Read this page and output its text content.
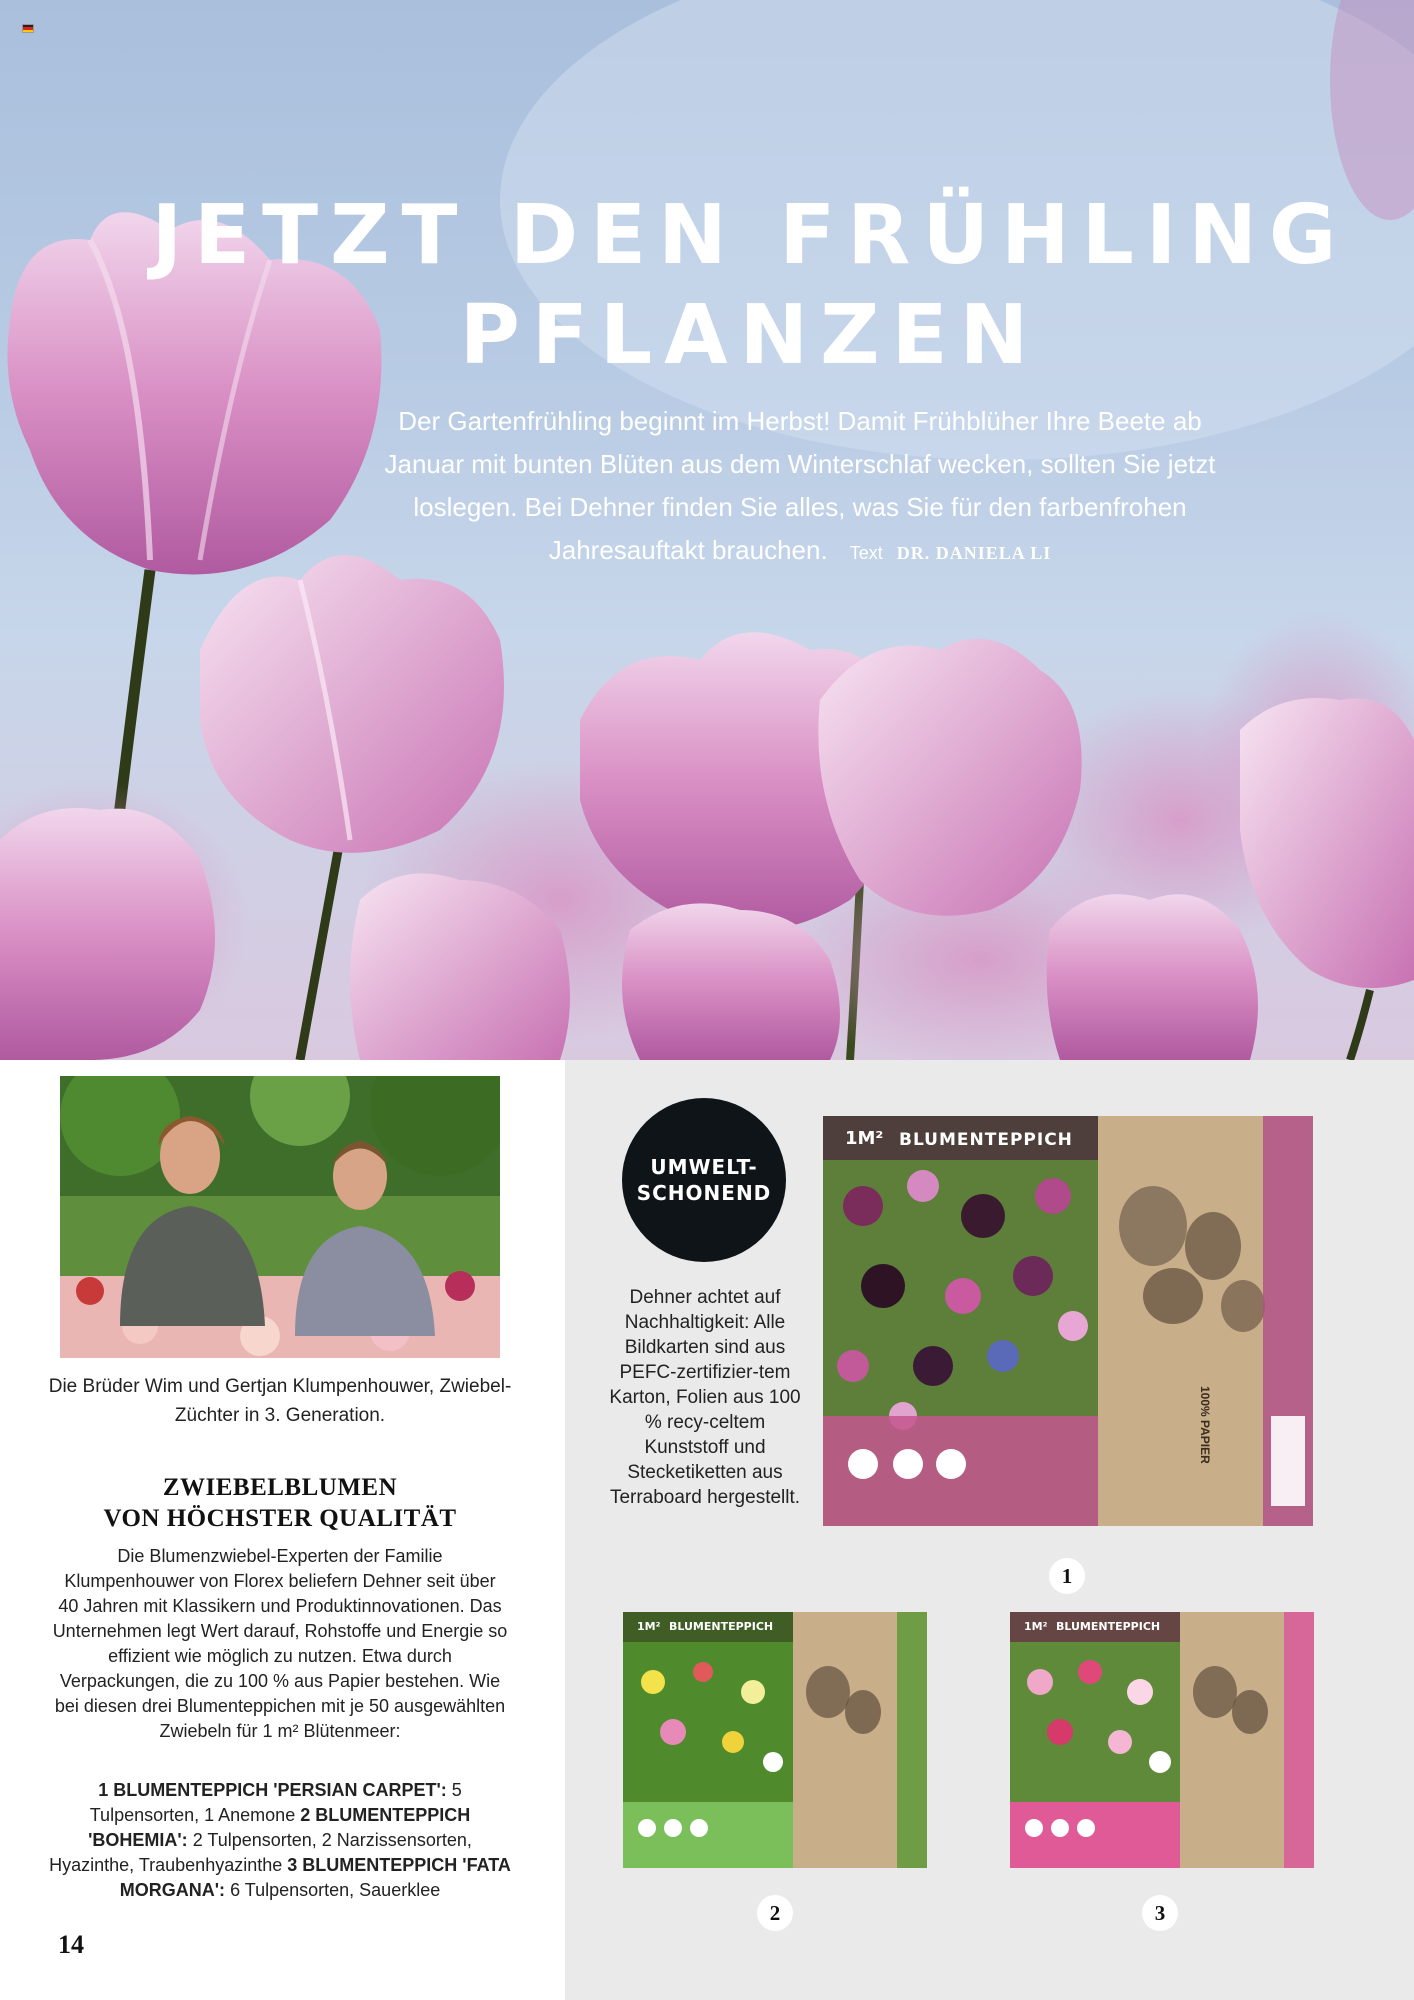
JETZT DEN FRÜHLING
PFLANZEN
Der Gartenfrühling beginnt im Herbst! Damit Frühblüher Ihre Beete ab Januar mit bunten Blüten aus dem Winterschlaf wecken, sollten Sie jetzt loslegen. Bei Dehner finden Sie alles, was Sie für den farbenfrohen Jahresauftakt brauchen. Text DR. DANIELA LI
Die Brüder Wim und Gertjan Klumpenhouwer, Zwiebel-Züchter in 3. Generation.
ZWIEBELBLUMEN
VON HÖCHSTER QUALITÄT
Die Blumenzwiebel-Experten der Familie Klumpenhouwer von Florex beliefern Dehner seit über 40 Jahren mit Klassikern und Produktinnovationen. Das Unternehmen legt Wert darauf, Rohstoffe und Energie so effizient wie möglich zu nutzen. Etwa durch Verpackungen, die zu 100 % aus Papier bestehen. Wie bei diesen drei Blumenteppichen mit je 50 ausgewählten Zwiebeln für 1 m² Blütenmeer:
1 BLUMENTEPPICH 'PERSIAN CARPET': 5 Tulpensorten, 1 Anemone 2 BLUMENTEPPICH 'BOHEMIA': 2 Tulpensorten, 2 Narzissensorten, Hyazinthe, Traubenhyazinthe 3 BLUMENTEPPICH 'FATA MORGANA': 6 Tulpensorten, Sauerklee
14
UMWELT-
SCHONEND
Dehner achtet auf Nachhaltigkeit: Alle Bildkarten sind aus PEFC-zertifizier-tem Karton, Folien aus 100 % recy-celtem Kunststoff und Stecketiketten aus Terraboard hergestellt.
1M² BLUMENTEPPICH
100% PAPIER
1
1M² BLUMENTEPPICH
2
1M² BLUMENTEPPICH
3
